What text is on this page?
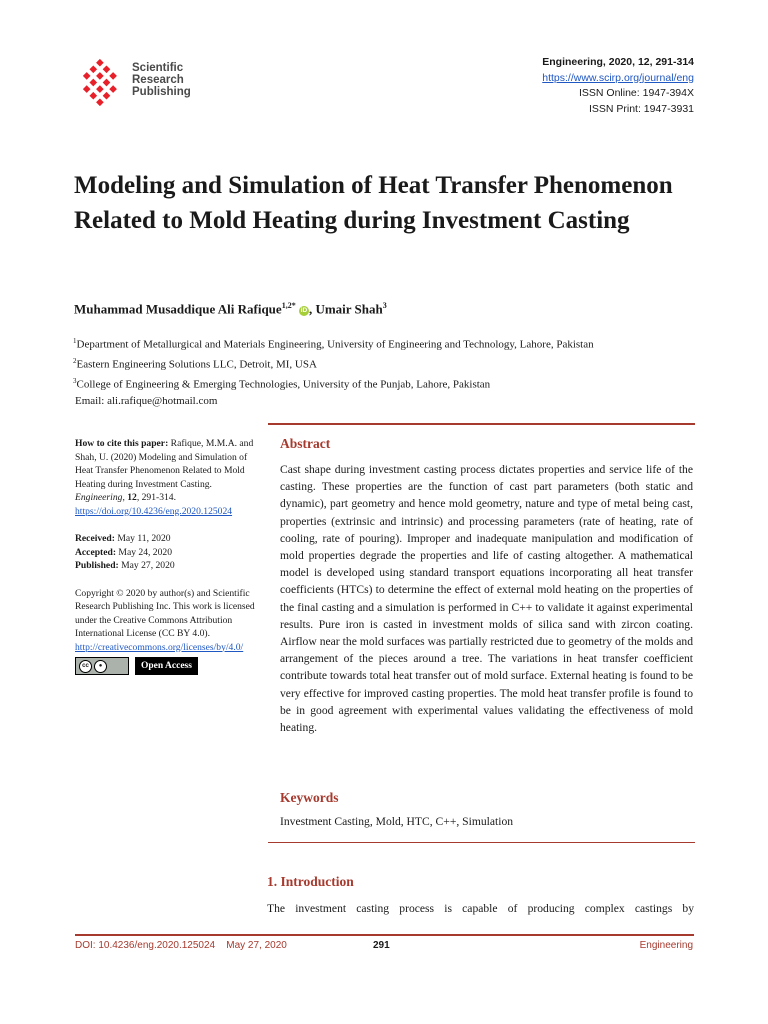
Scientific
Research
Publishing
Engineering, 2020, 12, 291-314
https://www.scirp.org/journal/eng
ISSN Online: 1947-394X
ISSN Print: 1947-3931
Modeling and Simulation of Heat Transfer Phenomenon Related to Mold Heating during Investment Casting
Muhammad Musaddique Ali Rafique$^{1,2*}$ iD , Umair Shah$^3$
$^1$Department of Metallurgical and Materials Engineering, University of Engineering and Technology, Lahore, Pakistan
$^2$Eastern Engineering Solutions LLC, Detroit, MI, USA
$^3$College of Engineering & Emerging Technologies, University of the Punjab, Lahore, Pakistan
Email: ali.rafique@hotmail.com

How to cite this paper: Rafique, M.M.A. and Shah, U. (2020) Modeling and Simulation of Heat Transfer Phenomenon Related to Mold Heating during Investment Casting. Engineering, 12, 291-314.
https://doi.org/10.4236/eng.2020.125024

Received: May 11, 2020
Accepted: May 24, 2020
Published: May 27, 2020

Copyright © 2020 by author(s) and Scientific Research Publishing Inc. This work is licensed under the Creative Commons Attribution International License (CC BY 4.0).
http://creativecommons.org/licenses/by/4.0/

cc	●	Open Access
Abstract

Cast shape during investment casting process dictates properties and service life of the casting. These properties are the function of cast part parameters (both static and dynamic), part geometry and hence mold geometry, nature and type of metal being cast, properties (extrinsic and intrinsic) and processing parameters (rate of heating, rate of cooling, rate of pouring). Improper and inadequate manipulation and modification of mold properties degrade the properties and life of casting altogether. A mathematical model is developed using standard transport equations incorporating all heat transfer coefficients (HTCs) to determine the effect of external mold heating on the properties of the final casting and a simulation is performed in C++ to validate it against experimental results. Pure iron is casted in investment molds of silica sand with zircon coating. Airflow near the mold surfaces was partially restricted due to geometry of the molds and arrangement of the pieces around a tree. The variations in heat transfer coefficient contribute towards total heat transfer out of mold surface. External heating is found to be very effective for improved casting properties. The mold heat transfer profile is found to be in good agreement with experimental values validating the effectiveness of mold heating.

Keywords
Investment Casting, Mold, HTC, C++, Simulation
1. Introduction
The investment casting process is capable of producing complex castings by
DOI: 10.4236/eng.2020.125024 May 27, 2020	291	Engineering
